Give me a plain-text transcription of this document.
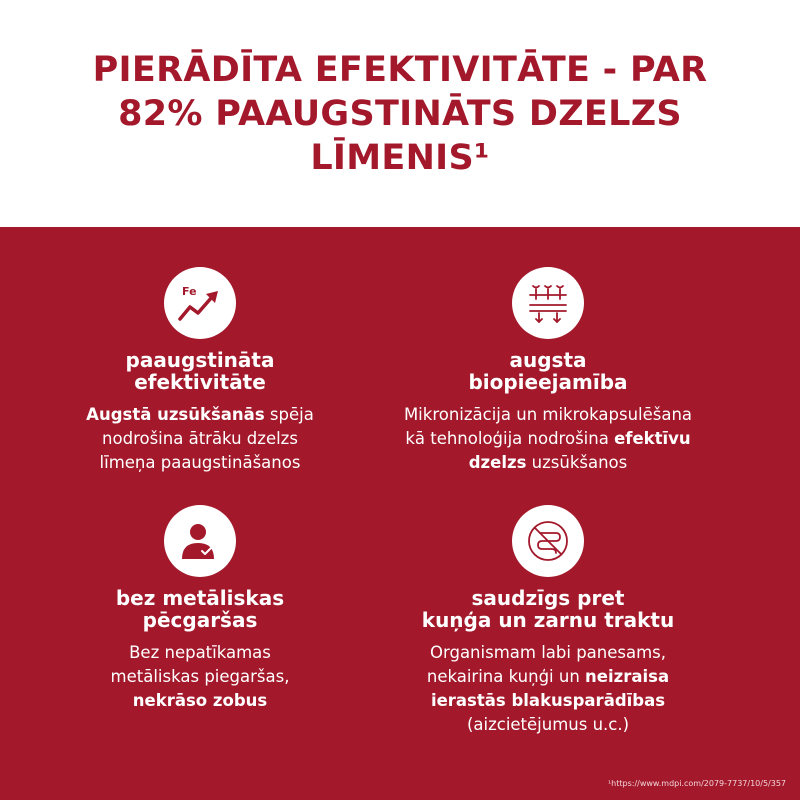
PIERĀDĪTA EFEKTIVITĀTE - PAR
82% PAAUGSTINĀTS DZELZS
LĪMENIS¹
Fe
paaugstināta
efektivitāte

Augstā uzsūkšanās spēja
nodrošina ātrāku dzelzs
līmeņa paaugstināšanos

augsta
biopieejamība

Mikronizācija un mikrokapsulēšana
kā tehnoloģija nodrošina efektīvu
dzelzs uzsūkšanos

bez metāliskas
pēcgaršas

Bez nepatīkamas
metāliskas piegaršas,
nekrāso zobus

saudzīgs pret
kuņģa un zarnu traktu

Organismam labi panesams,
nekairina kuņģi un neizraisa
ierastās blakusparādības
(aizcietējumus u.c.)

¹https://www.mdpi.com/2079-7737/10/5/357
